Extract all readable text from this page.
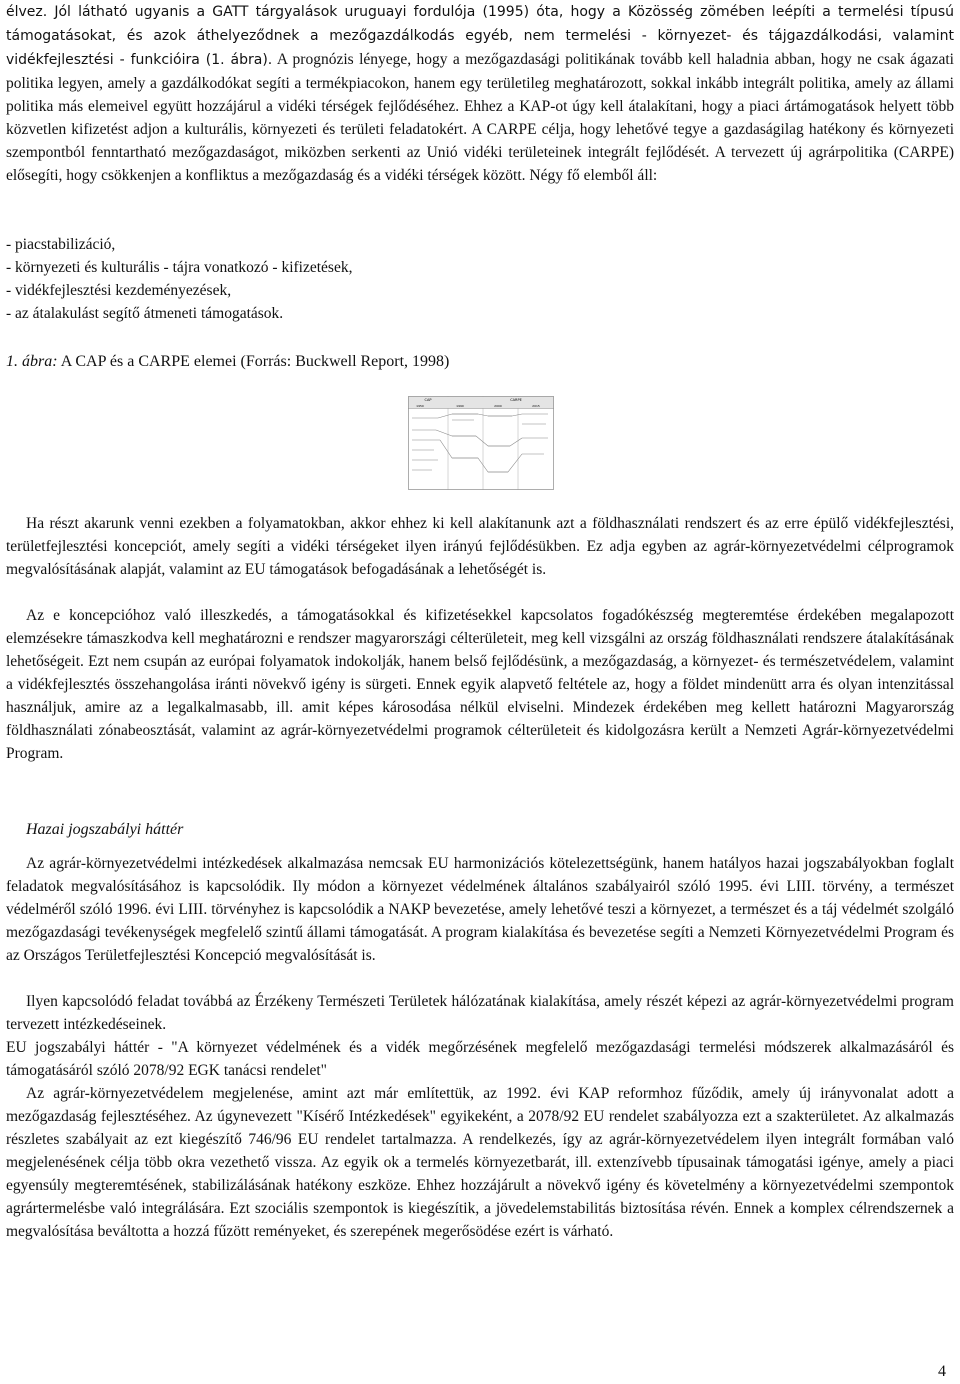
élvez. Jól látható ugyanis a GATT tárgyalások uruguayi fordulója (1995) óta, hogy a Közösség zömében leépíti a termelési típusú támogatásokat, és azok áthelyeződnek a mezőgazdálkodás egyéb, nem termelési - környezet- és tájgazdálkodási, valamint vidékfejlesztési - funkcióira (1. ábra). A prognózis lényege, hogy a mezőgazdasági politikának tovább kell haladnia abban, hogy ne csak ágazati politika legyen, amely a gazdálkodókat segíti a termékpiacokon, hanem egy területileg meghatározott, sokkal inkább integrált politika, amely az állami politika más elemeivel együtt hozzájárul a vidéki térségek fejlődéséhez. Ehhez a KAP-ot úgy kell átalakítani, hogy a piaci ártámogatások helyett több közvetlen kifizetést adjon a kulturális, környezeti és területi feladatokért. A CARPE célja, hogy lehetővé tegye a gazdaságilag hatékony és környezeti szempontból fenntartható mezőgazdaságot, miközben serkenti az Unió vidéki területeinek integrált fejlődését. A tervezett új agrárpolitika (CARPE) elősegíti, hogy csökkenjen a konfliktus a mezőgazdaság és a vidéki térségek között. Négy fő elemből áll:

- piacstabilizáció,
- környezeti és kulturális - tájra vonatkozó - kifizetések,
- vidékfejlesztési kezdeményezések,
- az átalakulást segítő átmeneti támogatások.
1. ábra: A CAP és a CARPE elemei (Forrás: Buckwell Report, 1998)
CAP	CARPE
1950	1990	2000	2015

Ha részt akarunk venni ezekben a folyamatokban, akkor ehhez ki kell alakítanunk azt a földhasználati rendszert és az erre épülő vidékfejlesztési, területfejlesztési koncepciót, amely segíti a vidéki térségeket ilyen irányú fejlődésükben. Ez adja egyben az agrár-környezetvédelmi célprogramok megvalósításának alapját, valamint az EU támogatások befogadásának a lehetőségét is.

Az e koncepcióhoz való illeszkedés, a támogatásokkal és kifizetésekkel kapcsolatos fogadókészség megteremtése érdekében megalapozott elemzésekre támaszkodva kell meghatározni e rendszer magyarországi célterületeit, meg kell vizsgálni az ország földhasználati rendszere átalakításának lehetőségeit. Ezt nem csupán az európai folyamatok indokolják, hanem belső fejlődésünk, a mezőgazdaság, a környezet- és természetvédelem, valamint a vidékfejlesztés összehangolása iránti növekvő igény is sürgeti. Ennek egyik alapvető feltétele az, hogy a földet mindenütt arra és olyan intenzitással használjuk, amire az a legalkalmasabb, ill. amit képes károsodása nélkül elviselni. Mindezek érdekében meg kellett határozni Magyarország földhasználati zónabeosztását, valamint az agrár-környezetvédelmi programok célterületeit és kidolgozásra került a Nemzeti Agrár-környezetvédelmi Program.

Hazai jogszabályi háttér

Az agrár-környezetvédelmi intézkedések alkalmazása nemcsak EU harmonizációs kötelezettségünk, hanem hatályos hazai jogszabályokban foglalt feladatok megvalósításához is kapcsolódik. Ily módon a környezet védelmének általános szabályairól szóló 1995. évi LIII. törvény, a természet védelméről szóló 1996. évi LIII. törvényhez is kapcsolódik a NAKP bevezetése, amely lehetővé teszi a környezet, a természet és a táj védelmét szolgáló mezőgazdasági tevékenységek megfelelő szintű állami támogatását. A program kialakítása és bevezetése segíti a Nemzeti Környezetvédelmi Program és az Országos Területfejlesztési Koncepció megvalósítását is.

Ilyen kapcsolódó feladat továbbá az Érzékeny Természeti Területek hálózatának kialakítása, amely részét képezi az agrár-környezetvédelmi program tervezett intézkedéseinek.

EU jogszabályi háttér - "A környezet védelmének és a vidék megőrzésének megfelelő mezőgazdasági termelési módszerek alkalmazásáról és támogatásáról szóló 2078/92 EGK tanácsi rendelet"

Az agrár-környezetvédelem megjelenése, amint azt már említettük, az 1992. évi KAP reformhoz fűződik, amely új irányvonalat adott a mezőgazdaság fejlesztéséhez. Az úgynevezett "Kísérő Intézkedések" egyikeként, a 2078/92 EU rendelet szabályozza ezt a szakterületet. Az alkalmazás részletes szabályait az ezt kiegészítő 746/96 EU rendelet tartalmazza. A rendelkezés, így az agrár-környezetvédelem ilyen integrált formában való megjelenésének célja több okra vezethető vissza. Az egyik ok a termelés környezetbarát, ill. extenzívebb típusainak támogatási igénye, amely a piaci egyensúly megteremtésének, stabilizálásának hatékony eszköze. Ehhez hozzájárult a növekvő igény és követelmény a környezetvédelmi szempontok agrártermelésbe való integrálására. Ezt szociális szempontok is kiegészítik, a jövedelemstabilitás biztosítása révén. Ennek a komplex célrendszernek a megvalósítása beváltotta a hozzá fűzött reményeket, és szerepének megerősödése ezért is várható.

4
